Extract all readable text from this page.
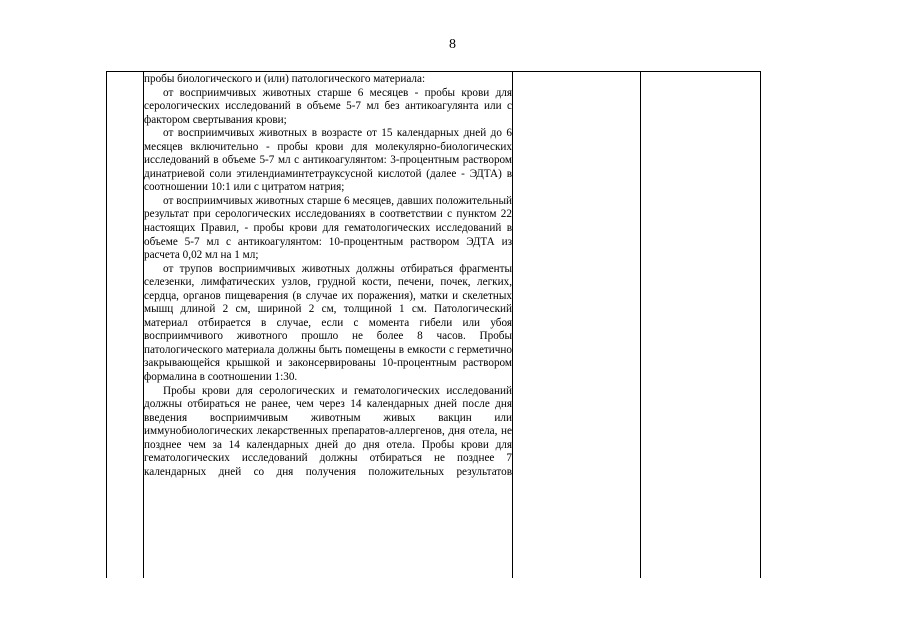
8

пробы биологического и (или) патологического материала:

от восприимчивых животных старше 6 месяцев - пробы крови для серологических исследований в объеме 5-7 мл без антикоагулянта или с фактором свертывания крови;

от восприимчивых животных в возрасте от 15 календарных дней до 6 месяцев включительно - пробы крови для молекулярно-биологических исследований в объеме 5-7 мл с антикоагулянтом: 3-процентным раствором динатриевой соли этилендиаминтетрауксусной кислотой (далее - ЭДТА) в соотношении 10:1 или с цитратом натрия;

от восприимчивых животных старше 6 месяцев, давших положительный результат при серологических исследованиях в соответствии с пунктом 22 настоящих Правил, - пробы крови для гематологических исследований в объеме 5-7 мл с антикоагулянтом: 10-процентным раствором ЭДТА из расчета 0,02 мл на 1 мл;

от трупов восприимчивых животных должны отбираться фрагменты селезенки, лимфатических узлов, грудной кости, печени, почек, легких, сердца, органов пищеварения (в случае их поражения), матки и скелетных мышц длиной 2 см, шириной 2 см, толщиной 1 см. Патологический материал отбирается в случае, если с момента гибели или убоя восприимчивого животного прошло не более 8 часов. Пробы патологического материала должны быть помещены в емкости с герметично закрывающейся крышкой и законсервированы 10-процентным раствором формалина в соотношении 1:30.

Пробы крови для серологических и гематологических исследований должны отбираться не ранее, чем через 14 календарных дней после дня введения восприимчивым животным живых вакцин или иммунобиологических лекарственных препаратов-аллергенов, дня отела, не позднее чем за 14 календарных дней до дня отела. Пробы крови для гематологических исследований должны отбираться не позднее 7 календарных дней со дня получения положительных результатов
